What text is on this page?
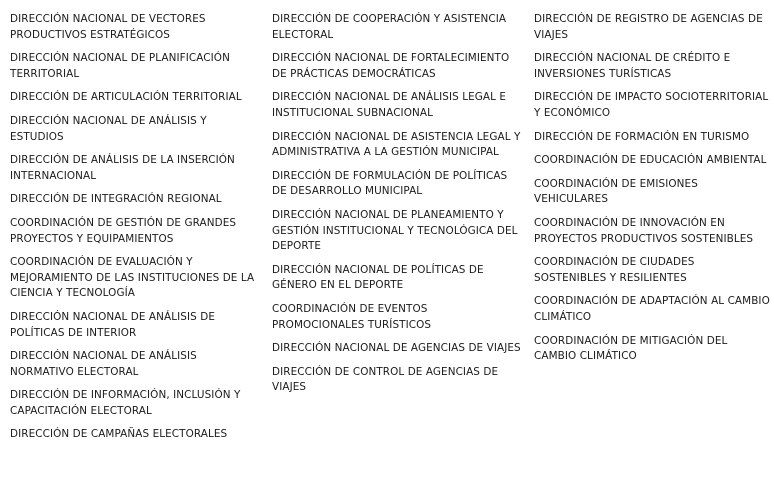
DIRECCIÓN NACIONAL DE VECTORES PRODUCTIVOS ESTRATÉGICOS
DIRECCIÓN NACIONAL DE PLANIFICACIÓN TERRITORIAL
DIRECCIÓN DE ARTICULACIÓN TERRITORIAL
DIRECCIÓN NACIONAL DE ANÁLISIS Y ESTUDIOS
DIRECCIÓN DE ANÁLISIS DE LA INSERCIÓN INTERNACIONAL
DIRECCIÓN DE INTEGRACIÓN REGIONAL
COORDINACIÓN DE GESTIÓN DE GRANDES PROYECTOS Y EQUIPAMIENTOS
COORDINACIÓN DE EVALUACIÓN Y MEJORAMIENTO DE LAS INSTITUCIONES DE LA CIENCIA Y TECNOLOGÍA
DIRECCIÓN NACIONAL DE ANÁLISIS DE POLÍTICAS DE INTERIOR
DIRECCIÓN NACIONAL DE ANÁLISIS NORMATIVO ELECTORAL
DIRECCIÓN DE INFORMACIÓN, INCLUSIÓN Y CAPACITACIÓN ELECTORAL
DIRECCIÓN DE CAMPAÑAS ELECTORALES
DIRECCIÓN DE COOPERACIÓN Y ASISTENCIA ELECTORAL
DIRECCIÓN NACIONAL DE FORTALECIMIENTO DE PRÁCTICAS DEMOCRÁTICAS
DIRECCIÓN NACIONAL DE ANÁLISIS LEGAL E INSTITUCIONAL SUBNACIONAL
DIRECCIÓN NACIONAL DE ASISTENCIA LEGAL Y ADMINISTRATIVA A LA GESTIÓN MUNICIPAL
DIRECCIÓN DE FORMULACIÓN DE POLÍTICAS DE DESARROLLO MUNICIPAL
DIRECCIÓN NACIONAL DE PLANEAMIENTO Y GESTIÓN INSTITUCIONAL Y TECNOLÓGICA DEL DEPORTE
DIRECCIÓN NACIONAL DE POLÍTICAS DE GÉNERO EN EL DEPORTE
COORDINACIÓN DE EVENTOS PROMOCIONALES TURÍSTICOS
DIRECCIÓN NACIONAL DE AGENCIAS DE VIAJES
DIRECCIÓN DE CONTROL DE AGENCIAS DE VIAJES
DIRECCIÓN DE REGISTRO DE AGENCIAS DE VIAJES
DIRECCIÓN NACIONAL DE CRÉDITO E INVERSIONES TURÍSTICAS
DIRECCIÓN DE IMPACTO SOCIOTERRITORIAL Y ECONÓMICO
DIRECCIÓN DE FORMACIÓN EN TURISMO
COORDINACIÓN DE EDUCACIÓN AMBIENTAL
COORDINACIÓN DE EMISIONES VEHICULARES
COORDINACIÓN DE INNOVACIÓN EN PROYECTOS PRODUCTIVOS SOSTENIBLES
COORDINACIÓN DE CIUDADES SOSTENIBLES Y RESILIENTES
COORDINACIÓN DE ADAPTACIÓN AL CAMBIO CLIMÁTICO
COORDINACIÓN DE MITIGACIÓN DEL CAMBIO CLIMÁTICO
